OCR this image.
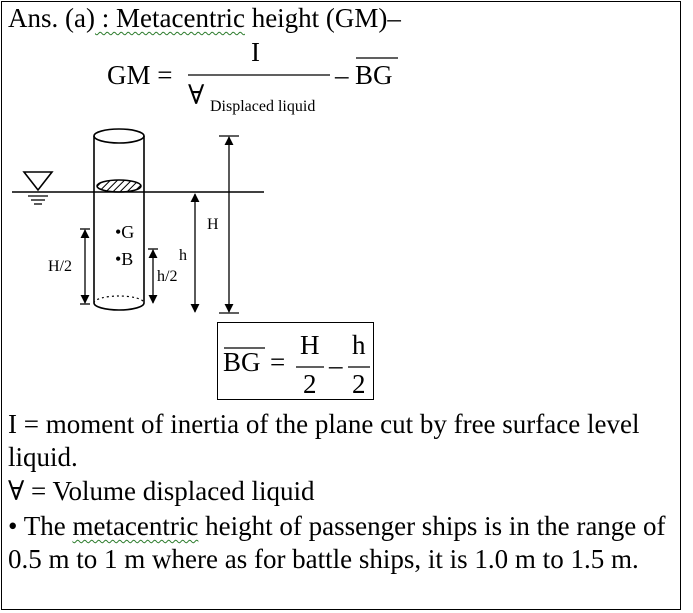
Ans. (a) : Metacentric height (GM)–
GM =
I
∀ Displaced liquid
– BG
•G
•B
H
H/2
h
h/2
BG =
H
2
–
h
2
I = moment of inertia of the plane cut by free surface level liquid.
∀ = Volume displaced liquid
• The metacentric height of passenger ships is in the range of 0.5 m to 1 m where as for battle ships, it is 1.0 m to 1.5 m.
